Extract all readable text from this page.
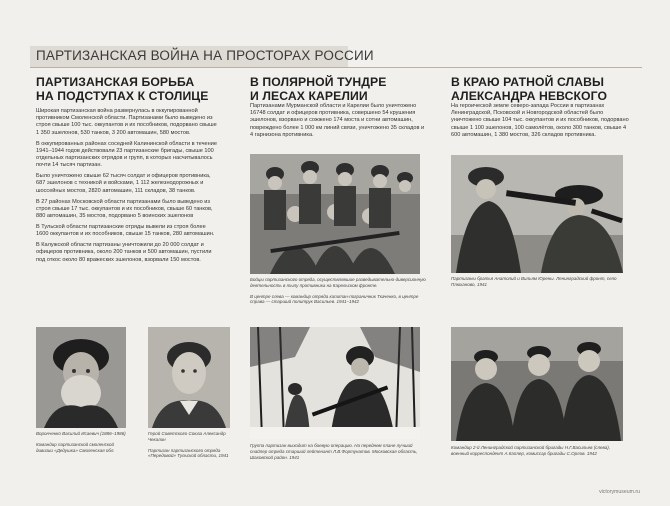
ПАРТИЗАНСКАЯ ВОЙНА НА ПРОСТОРАХ РОССИИ
ПАРТИЗАНСКАЯ БОРЬБА
НА ПОДСТУПАХ К СТОЛИЦЕ

Широкая партизанская война развернулась в оккупированной противником Смоленской области. Партизанами было выведено из строя свыше 100 тыс. оккупантов и их пособников, подорвано свыше 1 350 эшелонов, 530 танков, 3 200 автомашин, 580 мостов.

В оккупированных районах соседней Калининской области в течение 1941–1944 годов действовали 23 партизанские бригады, свыше 100 отдельных партизанских отрядов и групп, в которых насчитывалось почти 14 тысяч партизан.

Было уничтожено свыше 62 тысяч солдат и офицеров противника, 687 эшелонов с техникой и войсками, 1 112 железнодорожных и шоссейных мостов, 2820 автомашин, 111 складов, 38 танков.

В 27 районах Московской области партизанами было выведено из строя свыше 17 тыс. оккупантов и их пособников, свыше 60 танков, 880 автомашин, 35 мостов, подорвано 5 воинских эшелонов

В Тульской области партизанские отряды вывели из строя более 1600 оккупантов и их пособников, свыше 15 танков, 280 автомашин.

В Калужской области партизаны уничтожили до 20 000 солдат и офицеров противника, около 200 танков и 500 автомашин, пустили под откос около 80 вражеских эшелонов, взорвали 150 мостов.

Воронченко Василий Исаевич (1886–1986)
Командир партизанской смоленской дивизии «Дедушка» Смоленская обл.
Герой Советского Союза Александр Чекалин
Партизан партизанского отряда «Передовой» Тульской области, 1941
В ПОЛЯРНОЙ ТУНДРЕ
И ЛЕСАХ КАРЕЛИИ

Партизанами Мурманской области и Карелии было уничтожено 16748 солдат и офицеров противника, совершено 54 крушения эшелонов, взорвано и сожжено 174 моста и сотни автомашин, повреждено более 1 000 км линий связи, уничтожено 35 складов и 4 гарнизона противника.

Бойцы партизанского отряда, осуществлявшие разведывательно-диверсионную деятельность в тылу противника на Карельском фронте.
В центре слева — командир отряда капитан-пограничник Ткаченко, в центре справа — старший политрук Васильев. 1941–1942
Группа партизан выходит на боевую операцию. На переднем плане лучший снайпер отряда старший лейтенант Л.В.Фортунатов. Московская область, Шаховской район. 1941
В КРАЮ РАТНОЙ СЛАВЫ
АЛЕКСАНДРА НЕВСКОГО

На героической земле северо-запада России в партизанах Ленинградской, Псковской и Новгородской областей было уничтожено свыше 104 тыс. оккупантов и их пособников, подорвано свыше 1 100 эшелонов, 100 самолётов, около 300 танков, свыше 4 600 автомашин, 1 380 мостов, 326 складов противника.

Партизаны братья Анатолий и Вильям Юрены. Ленинградский фронт, село Плюханово, 1941
Командир 2-й Ленинградской партизанской бригады Н.Г.Васильев (слева), военный корреспондент А.Каплер, комиссар бригады С.Орлов. 1942
victorymuseum.ru
